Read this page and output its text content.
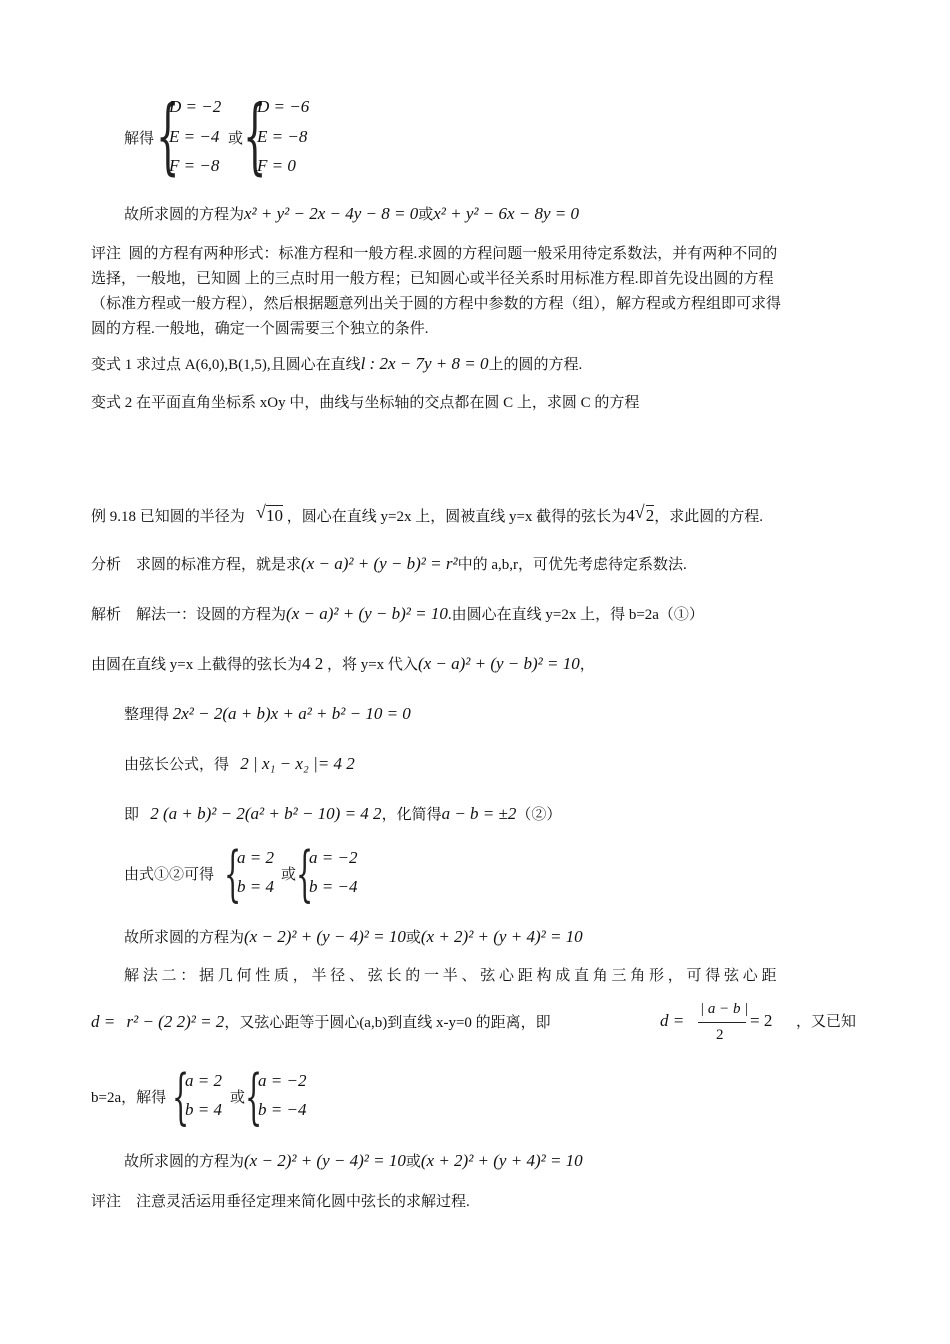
解得 {
D = −2
E = −4
F = −8
或 {
D = −6
E = −8
F = 0
故所求圆的方程为x² + y² − 2x − 4y − 8 = 0或x² + y² − 6x − 8y = 0
评注 圆的方程有两种形式：标准方程和一般方程.求圆的方程问题一般采用待定系数法，并有两种不同的
选择，一般地，已知圆 上的三点时用一般方程；已知圆心或半径关系时用标准方程.即首先设出圆的方程
（标准方程或一般方程），然后根据题意列出关于圆的方程中参数的方程（组），解方程或方程组即可求得
圆的方程.一般地，确定一个圆需要三个独立的条件.
变式 1 求过点 A(6,0),B(1,5),且圆心在直线l : 2x − 7y + 8 = 0上的圆的方程.
变式 2 在平面直角坐标系 xOy 中，曲线与坐标轴的交点都在圆 C 上，求圆 C 的方程
例 9.18 已知圆的半径为 √ 10 ，圆心在直线 y=2x 上，圆被直线 y=x 截得的弦长为4 √ 2，求此圆的方程.
分析 求圆的标准方程，就是求(x − a)² + (y − b)² = r²中的 a,b,r，可优先考虑待定系数法.
解析 解法一：设圆的方程为(x − a)² + (y − b)² = 10.由圆心在直线 y=2x 上，得 b=2a（①）
由圆在直线 y=x 上截得的弦长为4 2 ，将 y=x 代入(x − a)² + (y − b)² = 10，
整理得 2x² − 2(a + b)x + a² + b² − 10 = 0
由弦长公式，得 2 | x₁ − x₂ |= 4 2
即 2 (a + b)² − 2(a² + b² − 10) = 4 2，化简得a − b = ±2（②）
由式①②可得 {
a = 2
b = 4
或 {
a = −2
b = −4
故所求圆的方程为(x − 2)² + (y − 4)² = 10或(x + 2)² + (y + 4)² = 10
解 法 二 ： 据 几 何 性 质 ， 半 径 、 弦 长 的 一 半 、 弦 心 距 构 成 直 角 三 角 形 ， 可 得 弦 心 距
d = r² − (2 2)² = 2，又弦心距等于圆心(a,b)到直线 x-y=0 的距离，即
| a − b |
2
d =	= 2 ，又已知
b=2a，解得 {
a = 2
b = 4
或 {
a = −2
b = −4
故所求圆的方程为(x − 2)² + (y − 4)² = 10或(x + 2)² + (y + 4)² = 10
评注 注意灵活运用垂径定理来简化圆中弦长的求解过程.
